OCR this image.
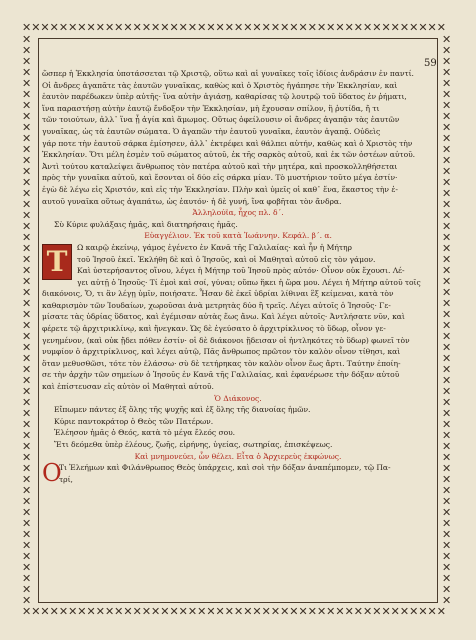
✕✕✕✕✕✕✕✕✕✕✕✕✕✕✕✕✕✕✕✕✕✕✕✕✕✕✕✕✕✕✕✕✕✕✕✕✕✕✕✕✕✕✕✕✕✕
✕✕✕✕✕✕✕✕✕✕✕✕✕✕✕✕✕✕✕✕✕✕✕✕✕✕✕✕✕✕✕✕✕✕✕✕✕✕✕✕✕✕✕✕✕✕
✕✕✕✕✕✕✕✕✕✕✕✕✕✕✕✕✕✕✕✕✕✕✕✕✕✕✕✕✕✕✕✕✕✕✕✕✕✕✕✕✕✕✕✕✕✕✕✕✕✕✕✕
✕✕✕✕✕✕✕✕✕✕✕✕✕✕✕✕✕✕✕✕✕✕✕✕✕✕✕✕✕✕✕✕✕✕✕✕✕✕✕✕✕✕✕✕✕✕✕✕✕✕✕✕
59
ὥσπερ ἡ Ἐκκλησία ὑποτάσσεται τῷ Χριστῷ, οὕτω καὶ αἱ γυναῖκες τοῖς ἰδίοις ἀνδράσιν ἐν παντί.
Οἱ ἄνδρες ἀγαπᾶτε τὰς ἑαυτῶν γυναῖκας, καθὼς καὶ ὁ Χριστὸς ἠγάπησε τὴν Ἐκκλησίαν, καὶ
ἑαυτὸν παρέδωκεν ὑπὲρ αὐτῆς· ἵνα αὐτὴν ἁγιάσῃ, καθαρίσας τῷ λουτρῷ τοῦ ὕδατος ἐν ῥήματι,
ἵνα παραστήσῃ αὐτὴν ἑαυτῷ ἔνδοξον τὴν Ἐκκλησίαν, μὴ ἔχουσαν σπίλον, ἢ ῥυτίδα, ἤ τι
τῶν τοιούτων, ἀλλ᾽ ἵνα ᾖ ἁγία καὶ ἄμωμος. Οὕτως ὀφείλουσιν οἱ ἄνδρες ἀγαπᾷν τὰς ἑαυτῶν
γυναῖκας, ὡς τὰ ἑαυτῶν σώματα. Ὁ ἀγαπῶν τὴν ἑαυτοῦ γυναῖκα, ἑαυτὸν ἀγαπᾷ. Οὐδεὶς
γάρ ποτε τὴν ἑαυτοῦ σάρκα ἐμίσησεν, ἀλλ᾽ ἐκτρέφει καὶ θάλπει αὐτήν, καθὼς καὶ ὁ Χριστὸς τὴν
Ἐκκλησίαν. Ὅτι μέλη ἐσμὲν τοῦ σώματος αὐτοῦ, ἐκ τῆς σαρκὸς αὐτοῦ, καὶ ἐκ τῶν ὀστέων αὐτοῦ.
Ἀντὶ τούτου καταλείψει ἄνθρωπος τὸν πατέρα αὐτοῦ καὶ τὴν μητέρα, καὶ προσκολληθήσεται
πρὸς τὴν γυναῖκα αὐτοῦ, καὶ ἔσονται οἱ δύο εἰς σάρκα μίαν. Τὸ μυστήριον τοῦτο μέγα ἐστίν·
ἐγὼ δὲ λέγω εἰς Χριστόν, καὶ εἰς τὴν Ἐκκλησίαν. Πλὴν καὶ ὑμεῖς οἱ καθ᾽ ἕνα, ἕκαστος τὴν ἑ-
αυτοῦ γυναῖκα οὕτως ἀγαπάτω, ὡς ἑαυτόν· ἡ δὲ γυνή, ἵνα φοβῆται τὸν ἄνδρα.
Ἀλληλούϊα, ἦχος πλ. δ΄.
Σὺ Κύριε φυλάξαις ἡμᾶς, καὶ διατηρήσαις ἡμᾶς.
Εὐαγγέλιον. Ἐκ τοῦ κατὰ Ἰωάννην. Κεφάλ. β΄. α.
Τ	Ω καιρῷ ἐκείνῳ, γάμος ἐγένετο ἐν Κανᾶ τῆς Γαλιλαίας· καὶ ἦν ἡ Μήτηρ
τοῦ Ἰησοῦ ἐκεῖ. Ἐκλήθη δὲ καὶ ὁ Ἰησοῦς, καὶ οἱ Μαθηταὶ αὐτοῦ εἰς τὸν γάμον.
Καὶ ὑστερήσαντος οἴνου, λέγει ἡ Μήτηρ τοῦ Ἰησοῦ πρὸς αὐτόν· Οἶνον οὐκ ἔχουσι. Λέ-
γει αὐτῇ ὁ Ἰησοῦς· Τί ἐμοὶ καὶ σοί, γύναι; οὔπω ἥκει ἡ ὥρα μου. Λέγει ἡ Μήτηρ αὐτοῦ τοῖς
διακόνοις, Ὅ, τι ἂν λέγῃ ὑμῖν, ποιήσατε. Ἦσαν δὲ ἐκεῖ ὑδρίαι λίθιναι ἓξ κείμεναι, κατὰ τὸν
καθαρισμὸν τῶν Ἰουδαίων, χωροῦσαι ἀνὰ μετρητὰς δύο ἢ τρεῖς. Λέγει αὐτοῖς ὁ Ἰησοῦς· Γε-
μίσατε τὰς ὑδρίας ὕδατος, καὶ ἐγέμισαν αὐτὰς ἕως ἄνω. Καὶ λέγει αὐτοῖς· Ἀντλήσατε νῦν, καὶ
φέρετε τῷ ἀρχιτρικλίνῳ, καὶ ἤνεγκαν. Ὡς δὲ ἐγεύσατο ὁ ἀρχιτρίκλινος τὸ ὕδωρ, οἶνον γε-
γενημένον, (καὶ οὐκ ᾔδει πόθεν ἐστίν· οἱ δὲ διάκονοι ᾔδεισαν οἱ ἠντληκότες τὸ ὕδωρ) φωνεῖ τὸν
νυμφίον ὁ ἀρχιτρίκλινος, καὶ λέγει αὐτῷ, Πᾶς ἄνθρωπος πρῶτον τὸν καλὸν οἶνον τίθησι, καὶ
ὅταν μεθυσθῶσι, τότε τὸν ἐλάσσω· σὺ δὲ τετήρηκας τὸν καλὸν οἶνον ἕως ἄρτι. Ταύτην ἐποίη-
σε τὴν ἀρχὴν τῶν σημείων ὁ Ἰησοῦς ἐν Κανᾶ τῆς Γαλιλαίας, καὶ ἐφανέρωσε τὴν δόξαν αὐτοῦ
καὶ ἐπίστευσαν εἰς αὐτὸν οἱ Μαθηταὶ αὐτοῦ.
Ὁ Διάκονος.
Εἴπωμεν πάντες ἐξ ὅλης τῆς ψυχῆς καὶ ἐξ ὅλης τῆς διανοίας ἡμῶν.
Κύριε παντοκράτορ ὁ Θεὸς τῶν Πατέρων.
Ἐλέησον ἡμᾶς ὁ Θεός, κατὰ τὸ μέγα ἔλεός σου.
Ἔτι δεόμεθα ὑπὲρ ἐλέους, ζωῆς, εἰρήνης, ὑγείας, σωτηρίας, ἐπισκέψεως.
Καὶ μνημονεύει, ὧν θέλει. Εἶτα ὁ Ἀρχιερεὺς ἐκφώνως.
Ο
Τι Ἐλεήμων καὶ Φιλάνθρωπος Θεὸς ὑπάρχεις, καὶ σοὶ τὴν δόξαν ἀναπέμπομεν, τῷ Πα-
τρί,
